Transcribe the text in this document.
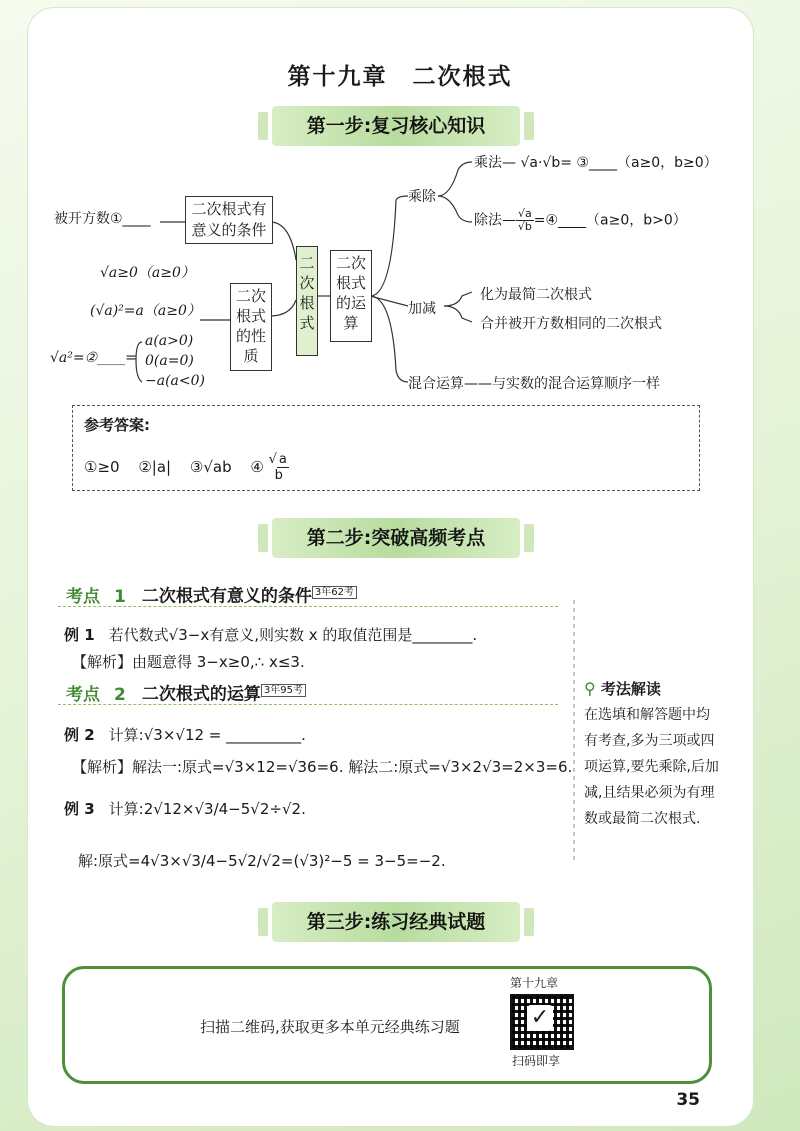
第十九章　二次根式
第一步:复习核心知识
被开方数①____
二次根式有意义的条件
二次根式
二次根式的性质
二次根式的运算
√a≥0（a≥0）
(√a)²=a（a≥0）
√a²=②____=
a(a>0)
0(a=0)
−a(a<0)
乘除
乘法— √a·√b= ③____（a≥0，b≥0）
除法— $\frac{√a}{√b}$ =④____（a≥0，b>0）
加减
化为最简二次根式
合并被开方数相同的二次根式
混合运算——与实数的混合运算顺序一样
参考答案:
①≥0 ②|a| ③√ab ④ √ a
b
第二步:突破高频考点
考点 1 二次根式有意义的条件 $^{3年62考}$
例 1 若代数式√3−x有意义,则实数 x 的取值范围是________.
【解析】由题意得 3−x≥0,∴ x≤3.
考点 2 二次根式的运算 $^{3年95考}$
例 2 计算:√3×√12 = __________.
【解析】解法一:原式=√3×12=√36=6. 解法二:原式=√3×2√3=2×3=6.
例 3 计算:2√12×√3/4−5√2÷√2.
解:原式=4√3×√3/4−5√2/√2=(√3)²−5 = 3−5=−2.
⚲ 考法解读
在选填和解答题中均有考查,多为三项或四项运算,要先乘除,后加减,且结果必须为有理数或最简二次根式.
第三步:练习经典试题
扫描二维码,获取更多本单元经典练习题
第十九章
✓
扫码即享
35
